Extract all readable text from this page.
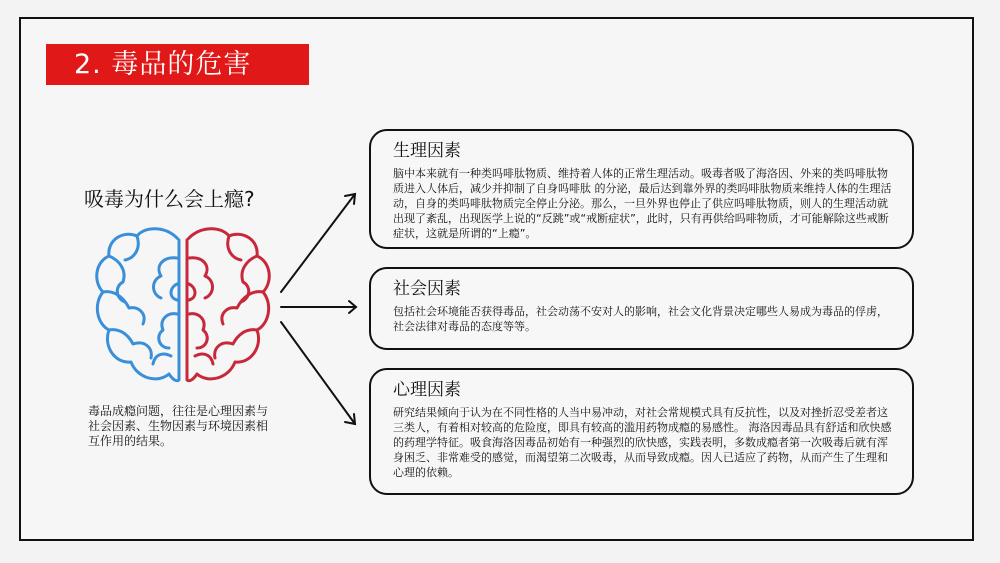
2. 毒品的危害
吸毒为什么会上瘾?
毒品成瘾问题，往往是心理因素与社会因素、生物因素与环境因素相互作用的结果。
生理因素

脑中本来就有一种类吗啡肽物质、维持着人体的正常生理活动。吸毒者吸了海洛因、外来的类吗啡肽物质进入人体后，减少并抑制了自身吗啡肽 的分泌，最后达到靠外界的类吗啡肽物质来维持人体的生理活动，自身的类吗啡肽物质完全停止分泌。那么，一旦外界也停止了供应吗啡肽物质，则人的生理活动就 出现了紊乱，出现医学上说的“反跳”或“戒断症状”，此时，只有再供给吗啡物质，才可能解除这些戒断症状，这就是所谓的“上瘾”。

社会因素

包括社会环境能否获得毒品，社会动荡不安对人的影响，社会文化背景决定哪些人易成为毒品的俘虏，社会法律对毒品的态度等等。

心理因素

研究结果倾向于认为在不同性格的人当中易冲动，对社会常规模式具有反抗性，以及对挫折忍受差者这三类人，有着相对较高的危险度，即具有较高的滥用药物成瘾的易感性。 海洛因毒品具有舒适和欣快感的药理学特征。吸食海洛因毒品初始有一种强烈的欣快感，实践表明，多数成瘾者第一次吸毒后就有浑身困乏、非常难受的感觉，而渴望第二次吸毒，从而导致成瘾。因人已适应了药物，从而产生了生理和心理的依赖。
